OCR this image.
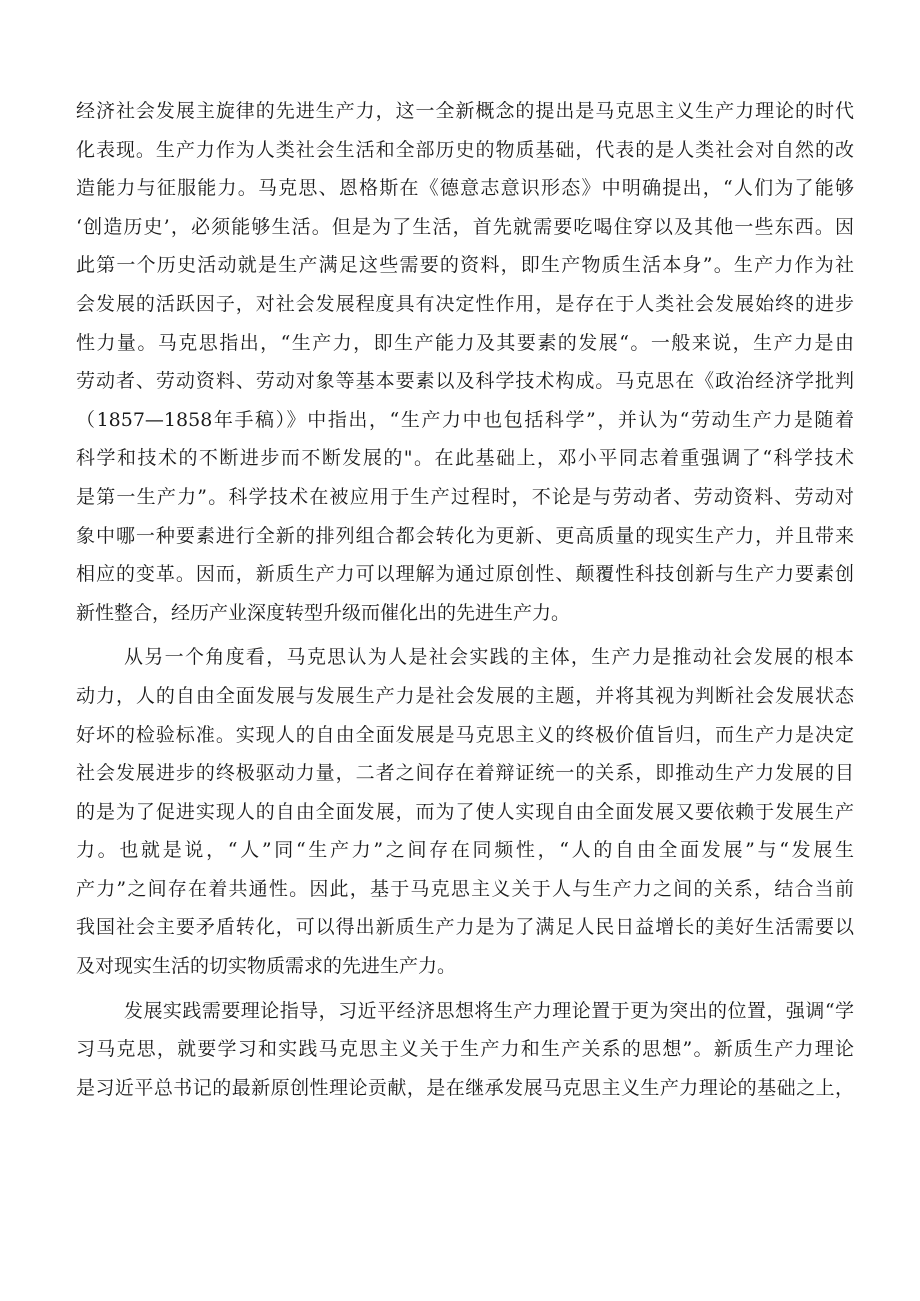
经济社会发展主旋律的先进生产力，这一全新概念的提出是马克思主义生产力理论的时代
化表现。生产力作为人类社会生活和全部历史的物质基础，代表的是人类社会对自然的改
造能力与征服能力。马克思、恩格斯在《德意志意识形态》中明确提出，“人们为了能够
‘创造历史’，必须能够生活。但是为了生活，首先就需要吃喝住穿以及其他一些东西。因
此第一个历史活动就是生产满足这些需要的资料，即生产物质生活本身”。生产力作为社
会发展的活跃因子，对社会发展程度具有决定性作用，是存在于人类社会发展始终的进步
性力量。马克思指出，“生产力，即生产能力及其要素的发展“。一般来说，生产力是由
劳动者、劳动资料、劳动对象等基本要素以及科学技术构成。马克思在《政治经济学批判
（1857—1858年手稿）》中指出，“生产力中也包括科学”，并认为“劳动生产力是随着
科学和技术的不断进步而不断发展的"。在此基础上，邓小平同志着重强调了“科学技术
是第一生产力”。科学技术在被应用于生产过程时，不论是与劳动者、劳动资料、劳动对
象中哪一种要素进行全新的排列组合都会转化为更新、更高质量的现实生产力，并且带来
相应的变革。因而，新质生产力可以理解为通过原创性、颠覆性科技创新与生产力要素创
新性整合，经历产业深度转型升级而催化出的先进生产力。
从另一个角度看，马克思认为人是社会实践的主体，生产力是推动社会发展的根本
动力，人的自由全面发展与发展生产力是社会发展的主题，并将其视为判断社会发展状态
好坏的检验标准。实现人的自由全面发展是马克思主义的终极价值旨归，而生产力是决定
社会发展进步的终极驱动力量，二者之间存在着辩证统一的关系，即推动生产力发展的目
的是为了促进实现人的自由全面发展，而为了使人实现自由全面发展又要依赖于发展生产
力。也就是说，“人”同“生产力”之间存在同频性，“人的自由全面发展”与“发展生
产力”之间存在着共通性。因此，基于马克思主义关于人与生产力之间的关系，结合当前
我国社会主要矛盾转化，可以得出新质生产力是为了满足人民日益增长的美好生活需要以
及对现实生活的切实物质需求的先进生产力。
发展实践需要理论指导，习近平经济思想将生产力理论置于更为突出的位置，强调“学
习马克思，就要学习和实践马克思主义关于生产力和生产关系的思想”。新质生产力理论
是习近平总书记的最新原创性理论贡献，是在继承发展马克思主义生产力理论的基础之上，
